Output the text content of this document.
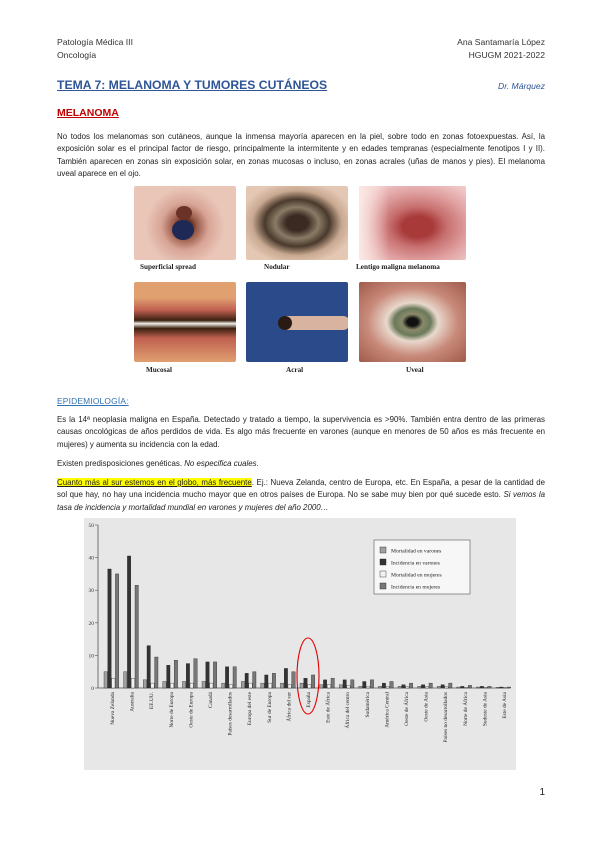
Patología Médica III
Oncología
Ana Santamaría López
HGUGM 2021-2022
TEMA 7: MELANOMA Y TUMORES CUTÁNEOS	Dr. Márquez
MELANOMA
No todos los melanomas son cutáneos, aunque la inmensa mayoría aparecen en la piel, sobre todo en zonas fotoexpuestas. Así, la exposición solar es el principal factor de riesgo, principalmente la intermitente y en edades tempranas (especialmente fenotipos I y II). También aparecen en zonas sin exposición solar, en zonas mucosas o incluso, en zonas acrales (uñas de manos y pies). El melanoma uveal aparece en el ojo.
Superficial spread	Nodular	Lentigo maligna melanoma
Mucosal	Acral	Uveal
EPIDEMIOLOGÍA:
Es la 14ª neoplasia maligna en España. Detectado y tratado a tiempo, la supervivencia es >90%. También entra dentro de las primeras causas oncológicas de años perdidos de vida. Es algo más frecuente en varones (aunque en menores de 50 años es más frecuente en mujeres) y aumenta su incidencia con la edad.
Existen predisposiciones genéticas. No especifica cuales.
Cuanto más al sur estemos en el globo, más frecuente. Ej.: Nueva Zelanda, centro de Europa, etc. En España, a pesar de la cantidad de sol que hay, no hay una incidencia mucho mayor que en otros países de Europa. No se sabe muy bien por qué sucede esto. Si vemos la tasa de incidencia y mortalidad mundial en varones y mujeres del año 2000…
0
10
20
30
40
50
Nueva Zelanda	Australia	EE.UU.	Norte de Europa	Oeste de Europa	Canadá	Países desarrollados	Europa del este	Sur de Europa	África del sur	España	Este de África	África del centro	Sudamérica	América Central	Oeste de África	Oeste de Asia	Países no desarrollados	Norte de África	Sudeste de Asia	Este de Asia
Mortalidad en varones
Incidencia en varones
Mortalidad en mujeres
Incidencia en mujeres
1
